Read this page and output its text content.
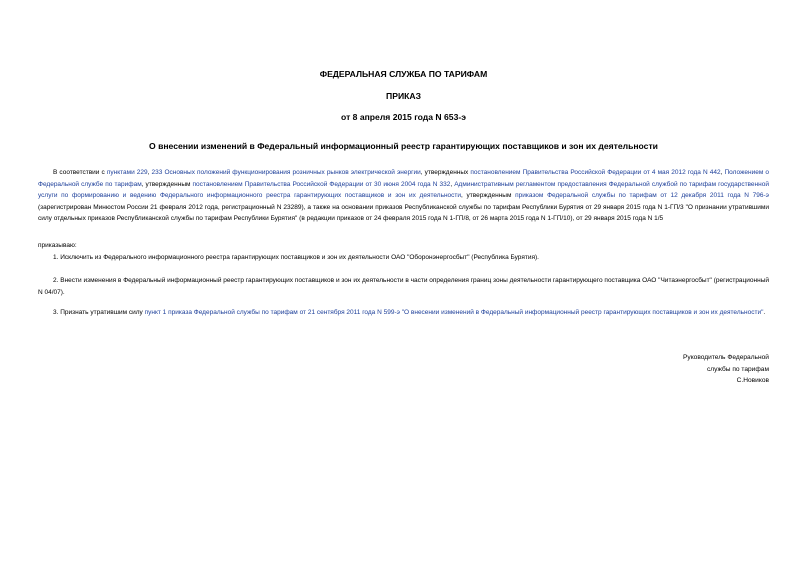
ФЕДЕРАЛЬНАЯ СЛУЖБА ПО ТАРИФАМ
ПРИКАЗ
от 8 апреля 2015 года N 653-э
О внесении изменений в Федеральный информационный реестр гарантирующих поставщиков и зон их деятельности

В соответствии с пунктами 229, 233 Основных положений функционирования розничных рынков электрической энергии, утвержденных постановлением Правительства Российской Федерации от 4 мая 2012 года N 442, Положением о Федеральной службе по тарифам, утвержденным постановлением Правительства Российской Федерации от 30 июня 2004 года N 332, Административным регламентом предоставления Федеральной службой по тарифам государственной услуги по формированию и ведению Федерального информационного реестра гарантирующих поставщиков и зон их деятельности, утвержденным приказом Федеральной службы по тарифам от 12 декабря 2011 года N 796-э (зарегистрирован Минюстом России 21 февраля 2012 года, регистрационный N 23289), а также на основании приказов Республиканской службы по тарифам Республики Бурятия от 29 января 2015 года N 1-ГП/3 "О признании утратившими силу отдельных приказов Республиканской службы по тарифам Республики Бурятия" (в редакции приказов от 24 февраля 2015 года N 1-ГП/8, от 26 марта 2015 года N 1-ГП/10), от 29 января 2015 года N 1/5

приказываю:
1. Исключить из Федерального информационного реестра гарантирующих поставщиков и зон их деятельности ОАО "Оборонэнергосбыт" (Республика Бурятия).
2. Внести изменения в Федеральный информационный реестр гарантирующих поставщиков и зон их деятельности в части определения границ зоны деятельности гарантирующего поставщика ОАО "Читаэнергосбыт" (регистрационный N 04/07).

3. Признать утратившим силу пункт 1 приказа Федеральной службы по тарифам от 21 сентября 2011 года N 599-э "О внесении изменений в Федеральный информационный реестр гарантирующих поставщиков и зон их деятельности".

Руководитель Федеральной
службы по тарифам
С.Новиков
